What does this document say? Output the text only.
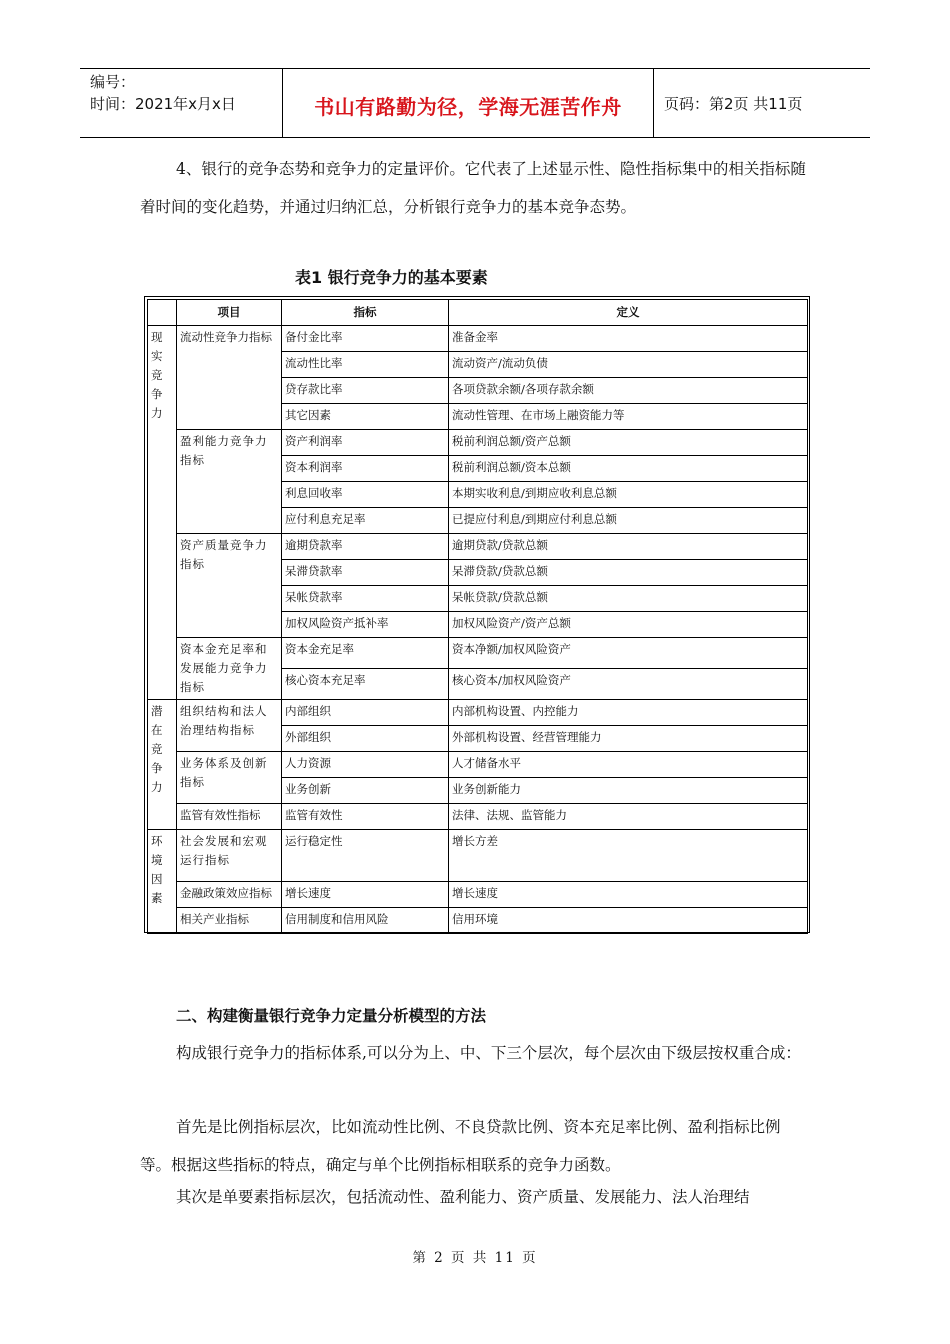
编号：
时间：2021年x月x日	书山有路勤为径，学海无涯苦作舟	页码：第2页 共11页
4、银行的竞争态势和竞争力的定量评价。它代表了上述显示性、隐性指标集中的相关指标随着时间的变化趋势，并通过归纳汇总，分析银行竞争力的基本竞争态势。
表1 银行竞争力的基本要素
	项目	指标	定义
现实竞争力	流动性竞争力指标	备付金比率	准备金率
		流动性比率	流动资产/流动负债
		贷存款比率	各项贷款余额/各项存款余额
		其它因素	流动性管理、在市场上融资能力等
	盈利能力竞争力指标	资产利润率	税前利润总额/资产总额
		资本利润率	税前利润总额/资本总额
		利息回收率	本期实收利息/到期应收利息总额
		应付利息充足率	已提应付利息/到期应付利息总额
	资产质量竞争力指标	逾期贷款率	逾期贷款/贷款总额
		呆滞贷款率	呆滞贷款/贷款总额
		呆帐贷款率	呆帐贷款/贷款总额
		加权风险资产抵补率	加权风险资产/资产总额
	资本金充足率和发展能力竞争力指标	资本金充足率	资本净额/加权风险资产
		核心资本充足率	核心资本/加权风险资产
潜在竞争力	组织结构和法人治理结构指标	内部组织	内部机构设置、内控能力
		外部组织	外部机构设置、经营管理能力
	业务体系及创新指标	人力资源	人才储备水平
		业务创新	业务创新能力
	监管有效性指标	监管有效性	法律、法规、监管能力
环境因素	社会发展和宏观运行指标	运行稳定性	增长方差
	金融政策效应指标	增长速度	增长速度
	相关产业指标	信用制度和信用风险	信用环境
二、构建衡量银行竞争力定量分析模型的方法
构成银行竞争力的指标体系,可以分为上、中、下三个层次，每个层次由下级层按权重合成：
首先是比例指标层次，比如流动性比例、不良贷款比例、资本充足率比例、盈利指标比例等。根据这些指标的特点，确定与单个比例指标相联系的竞争力函数。
其次是单要素指标层次，包括流动性、盈利能力、资产质量、发展能力、法人治理结
第 2 页 共 11 页
